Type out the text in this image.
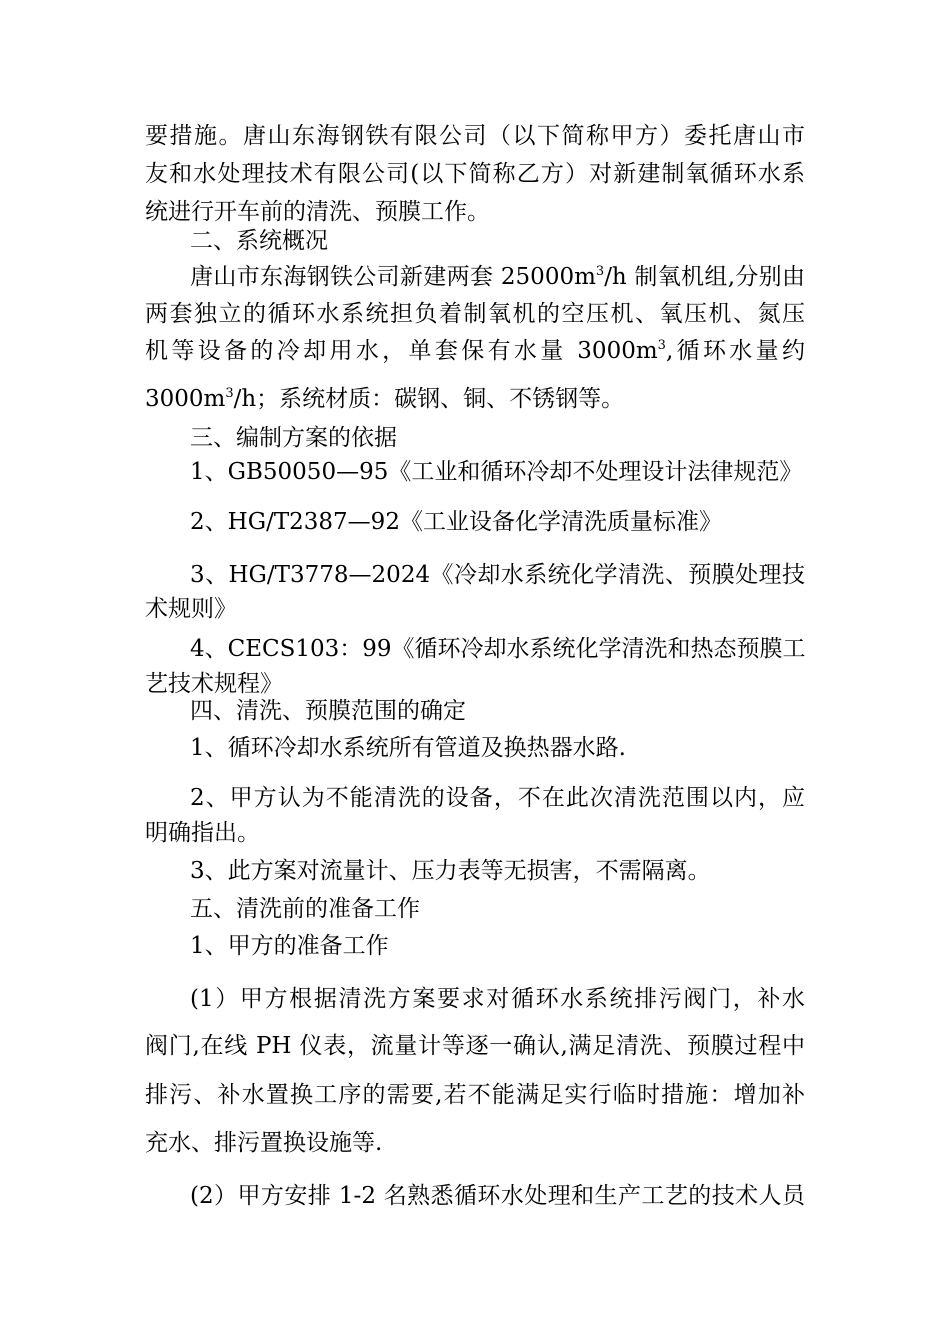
要措施。唐山东海钢铁有限公司（以下简称甲方）委托唐山市
友和水处理技术有限公司(以下简称乙方）对新建制氧循环水系
统进行开车前的清洗、预膜工作。
二、系统概况
唐山市东海钢铁公司新建两套 $25000m^3/h$ 制氧机组,分别由
两套独立的循环水系统担负着制氧机的空压机、氧压机、氮压
机等设备的冷却用水，单套保有水量 $3000m^3$,循环水量约
$3000m^3/h$；系统材质：碳钢、铜、不锈钢等。
三、编制方案的依据
1、GB50050—95《工业和循环冷却不处理设计法律规范》
2、HG/T2387—92《工业设备化学清洗质量标准》
3、HG/T3778—2024《冷却水系统化学清洗、预膜处理技
术规则》
4、CECS103：99《循环冷却水系统化学清洗和热态预膜工
艺技术规程》
四、清洗、预膜范围的确定
1、循环冷却水系统所有管道及换热器水路.
2、甲方认为不能清洗的设备，不在此次清洗范围以内，应
明确指出。
3、此方案对流量计、压力表等无损害，不需隔离。
五、清洗前的准备工作
1、甲方的准备工作
(1）甲方根据清洗方案要求对循环水系统排污阀门，补水
阀门,在线 PH 仪表，流量计等逐一确认,满足清洗、预膜过程中
排污、补水置换工序的需要,若不能满足实行临时措施：增加补
充水、排污置换设施等.
(2）甲方安排 1-2 名熟悉循环水处理和生产工艺的技术人员
